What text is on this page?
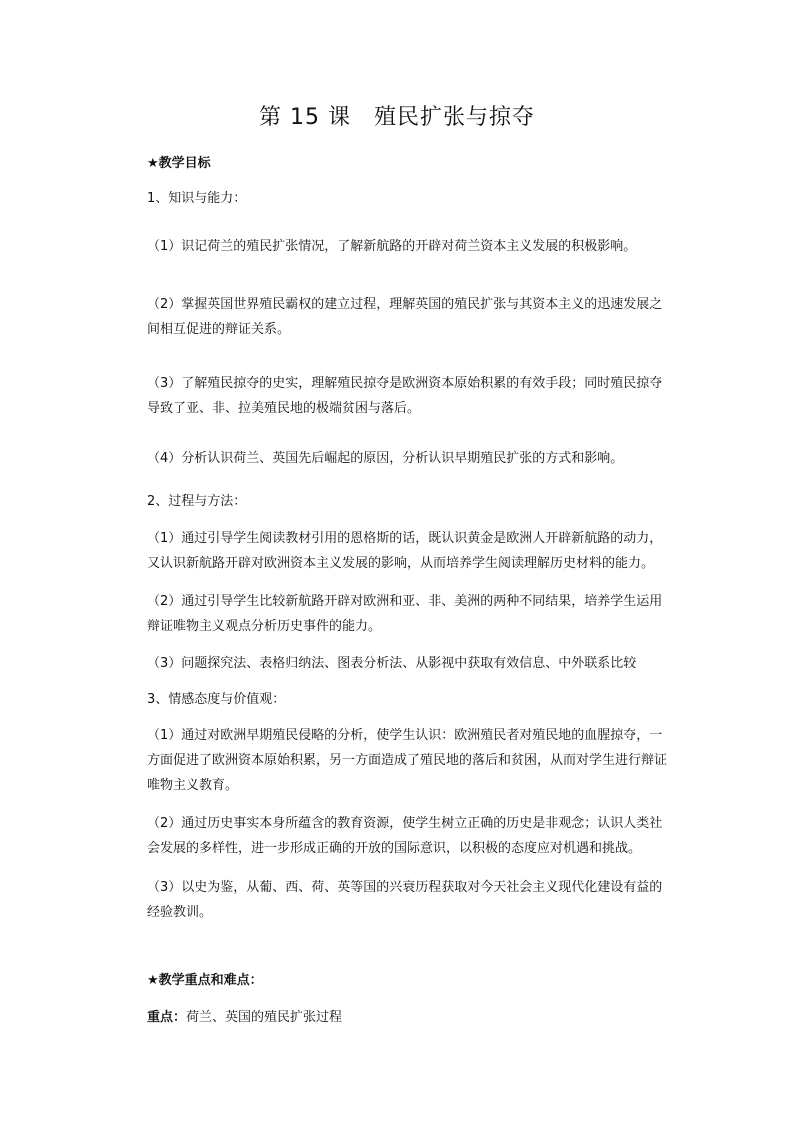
第 15 课　殖民扩张与掠夺
★教学目标
1、知识与能力：
（1）识记荷兰的殖民扩张情况，了解新航路的开辟对荷兰资本主义发展的积极影响。
（2）掌握英国世界殖民霸权的建立过程，理解英国的殖民扩张与其资本主义的迅速发展之间相互促进的辩证关系。
（3）了解殖民掠夺的史实，理解殖民掠夺是欧洲资本原始积累的有效手段；同时殖民掠夺导致了亚、非、拉美殖民地的极端贫困与落后。
（4）分析认识荷兰、英国先后崛起的原因，分析认识早期殖民扩张的方式和影响。
2、过程与方法：
（1）通过引导学生阅读教材引用的恩格斯的话，既认识黄金是欧洲人开辟新航路的动力，又认识新航路开辟对欧洲资本主义发展的影响，从而培养学生阅读理解历史材料的能力。
（2）通过引导学生比较新航路开辟对欧洲和亚、非、美洲的两种不同结果，培养学生运用辩证唯物主义观点分析历史事件的能力。
（3）问题探究法、表格归纳法、图表分析法、从影视中获取有效信息、中外联系比较
3、情感态度与价值观：
（1）通过对欧洲早期殖民侵略的分析，使学生认识：欧洲殖民者对殖民地的血腥掠夺，一方面促进了欧洲资本原始积累，另一方面造成了殖民地的落后和贫困，从而对学生进行辩证唯物主义教育。
（2）通过历史事实本身所蕴含的教育资源，使学生树立正确的历史是非观念；认识人类社会发展的多样性，进一步形成正确的开放的国际意识，以积极的态度应对机遇和挑战。
（3）以史为鉴，从葡、西、荷、英等国的兴衰历程获取对今天社会主义现代化建设有益的经验教训。
★教学重点和难点：
重点：荷兰、英国的殖民扩张过程
